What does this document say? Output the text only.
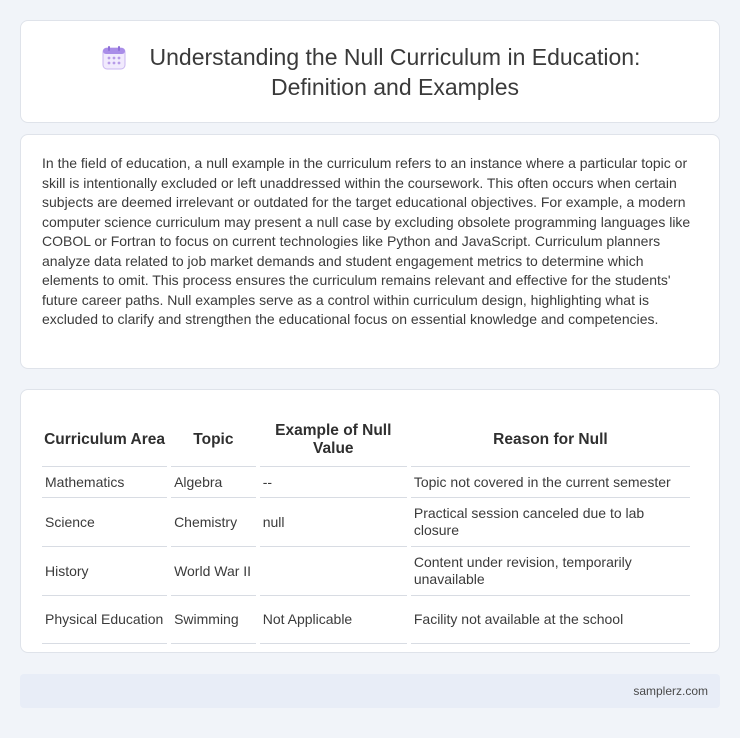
Understanding the Null Curriculum in Education:
Definition and Examples

In the field of education, a null example in the curriculum refers to an instance where a particular topic or skill is intentionally excluded or left unaddressed within the coursework. This often occurs when certain subjects are deemed irrelevant or outdated for the target educational objectives. For example, a modern computer science curriculum may present a null case by excluding obsolete programming languages like COBOL or Fortran to focus on current technologies like Python and JavaScript. Curriculum planners analyze data related to job market demands and student engagement metrics to determine which elements to omit. This process ensures the curriculum remains relevant and effective for the students' future career paths. Null examples serve as a control within curriculum design, highlighting what is excluded to clarify and strengthen the educational focus on essential knowledge and competencies.

Curriculum Area	Topic	Example of Null Value	Reason for Null
Mathematics	Algebra	--	Topic not covered in the current semester
Science	Chemistry	null	Practical session canceled due to lab closure
History	World War II		Content under revision, temporarily unavailable
Physical Education	Swimming	Not Applicable	Facility not available at the school
samplerz.com
